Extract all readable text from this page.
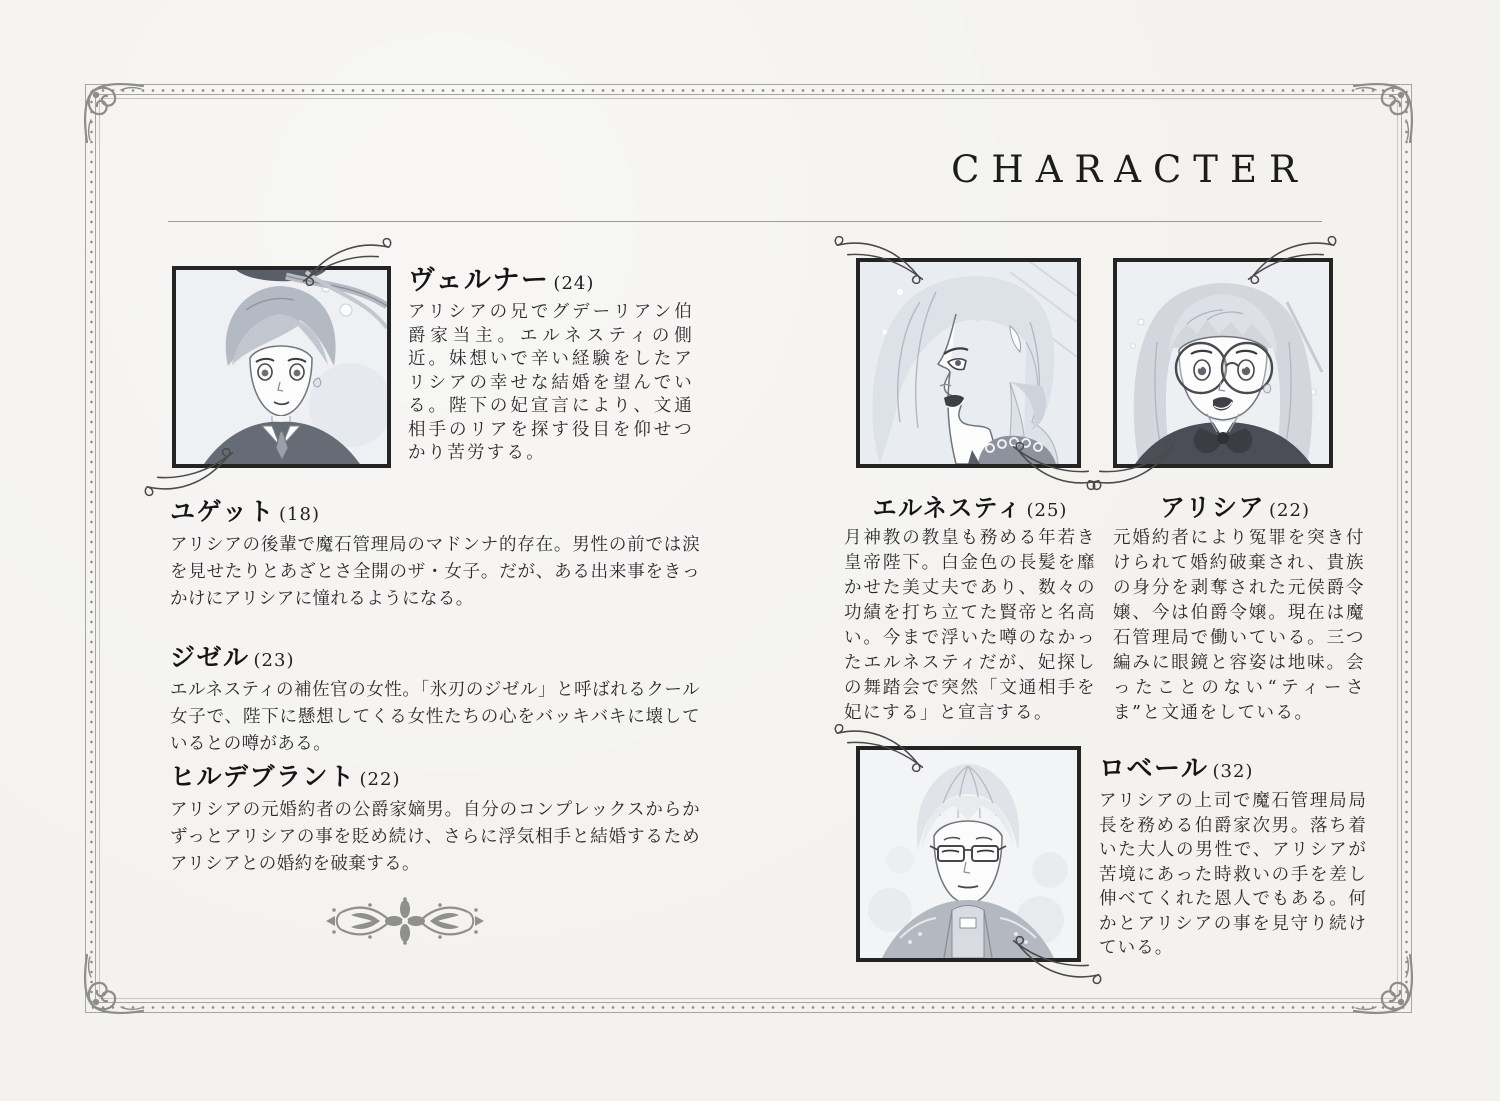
CHARACTER
ヴェルナー (24)
アリシアの兄でグデーリアン伯爵家当主。エルネスティの側近。妹想いで辛い経験をしたアリシアの幸せな結婚を望んでいる。陛下の妃宣言により、文通相手のリアを探す役目を仰せつかり苦労する。
ユゲット (18)
アリシアの後輩で魔石管理局のマドンナ的存在。男性の前では涙を見せたりとあざとさ全開のザ・女子。だが、ある出来事をきっかけにアリシアに憧れるようになる。
ジゼル (23)
エルネスティの補佐官の女性。「氷刃のジゼル」と呼ばれるクール女子で、陛下に懸想してくる女性たちの心をバッキバキに壊しているとの噂がある。
ヒルデブラント (22)
アリシアの元婚約者の公爵家嫡男。自分のコンプレックスからかずっとアリシアの事を貶め続け、さらに浮気相手と結婚するためアリシアとの婚約を破棄する。
エルネスティ (25)
月神教の教皇も務める年若き皇帝陛下。白金色の長髪を靡かせた美丈夫であり、数々の功績を打ち立てた賢帝と名高い。今まで浮いた噂のなかったエルネスティだが、妃探しの舞踏会で突然「文通相手を妃にする」と宣言する。
アリシア (22)
元婚約者により冤罪を突き付けられて婚約破棄され、貴族の身分を剥奪された元侯爵令嬢、今は伯爵令嬢。現在は魔石管理局で働いている。三つ編みに眼鏡と容姿は地味。会ったことのない“ティーさま”と文通をしている。
ロベール (32)
アリシアの上司で魔石管理局局長を務める伯爵家次男。落ち着いた大人の男性で、アリシアが苦境にあった時救いの手を差し伸べてくれた恩人でもある。何かとアリシアの事を見守り続けている。
